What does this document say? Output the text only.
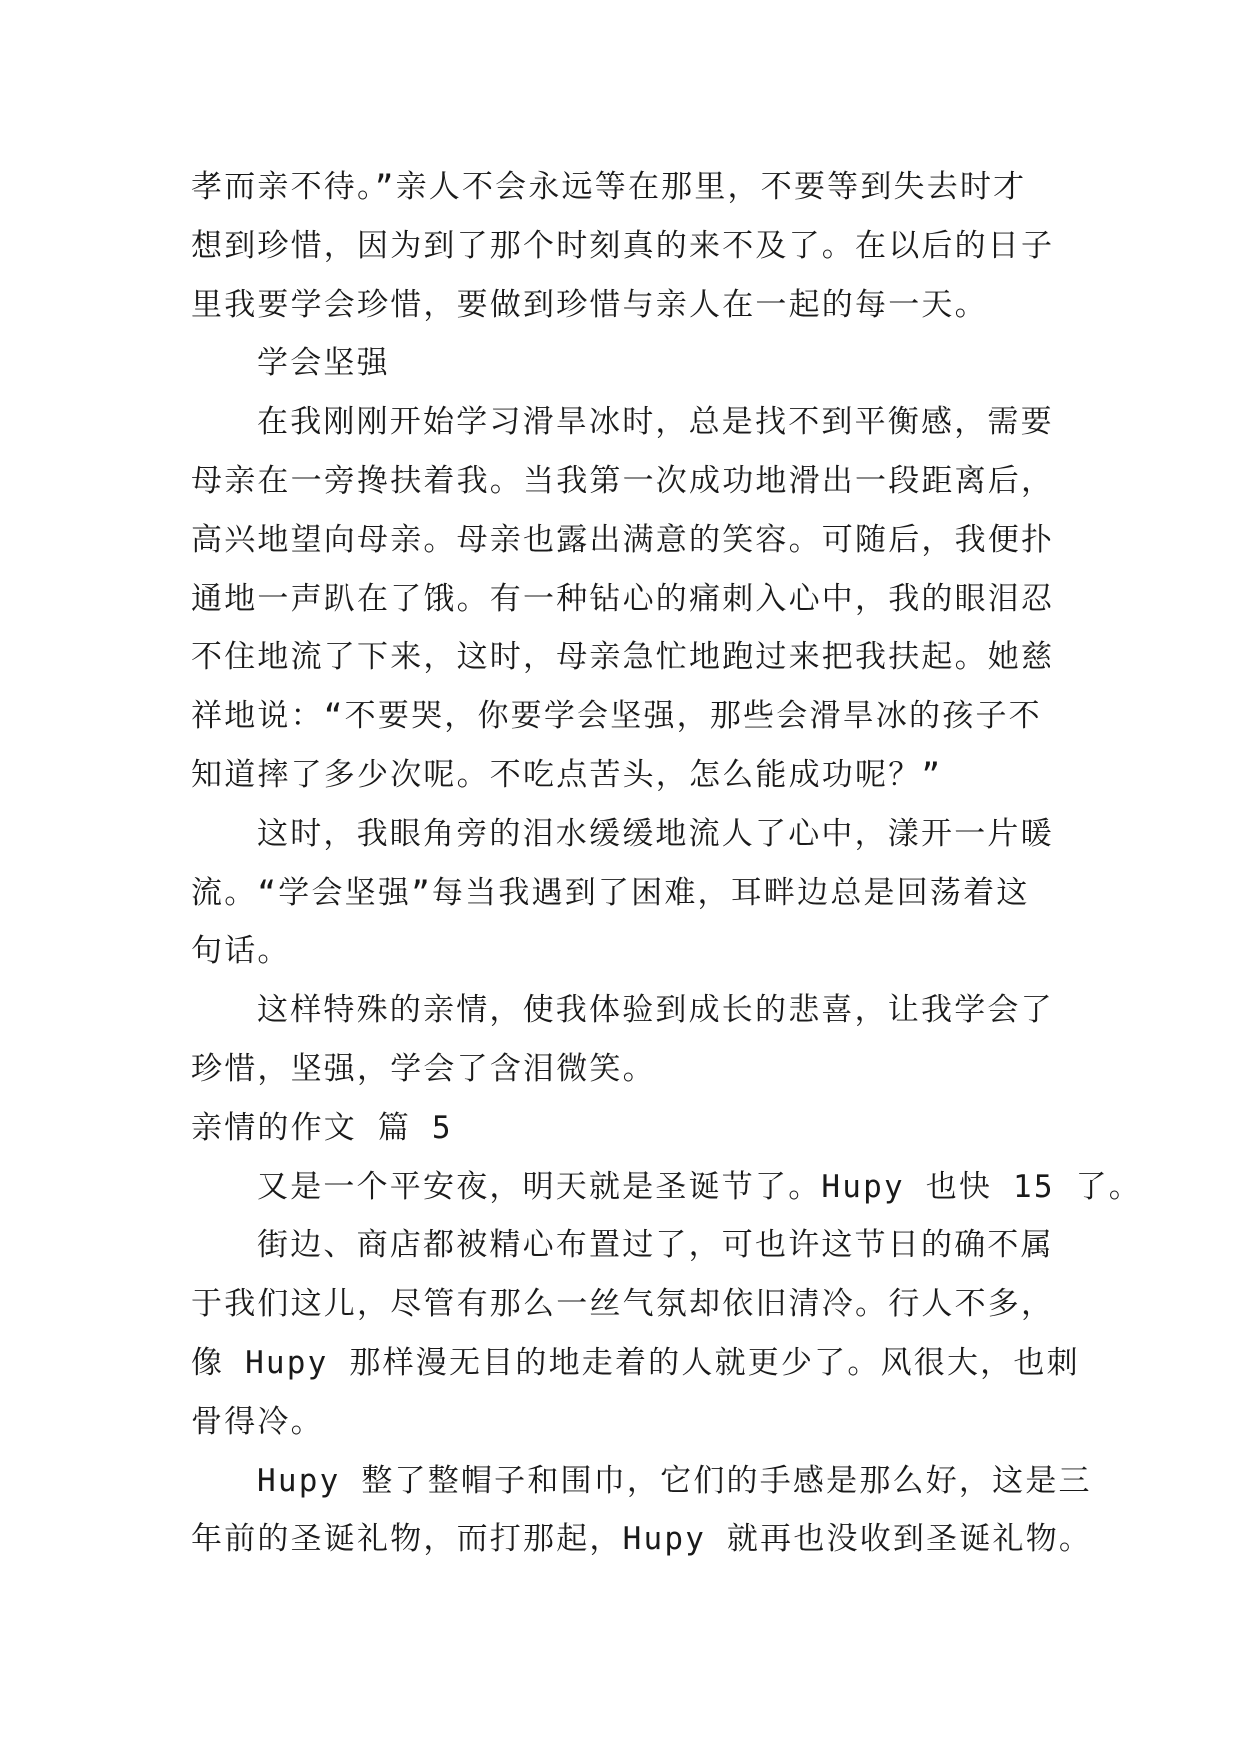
孝而亲不待。”亲人不会永远等在那里，不要等到失去时才
想到珍惜，因为到了那个时刻真的来不及了。在以后的日子
里我要学会珍惜，要做到珍惜与亲人在一起的每一天。
学会坚强
在我刚刚开始学习滑旱冰时，总是找不到平衡感，需要
母亲在一旁搀扶着我。当我第一次成功地滑出一段距离后，
高兴地望向母亲。母亲也露出满意的笑容。可随后，我便扑
通地一声趴在了饿。有一种钻心的痛刺入心中，我的眼泪忍
不住地流了下来，这时，母亲急忙地跑过来把我扶起。她慈
祥地说：“不要哭，你要学会坚强，那些会滑旱冰的孩子不
知道摔了多少次呢。不吃点苦头，怎么能成功呢？”
这时，我眼角旁的泪水缓缓地流人了心中，漾开一片暖
流。“学会坚强”每当我遇到了困难，耳畔边总是回荡着这
句话。
这样特殊的亲情，使我体验到成长的悲喜，让我学会了
珍惜，坚强，学会了含泪微笑。
亲情的作文 篇 5
又是一个平安夜，明天就是圣诞节了。Hupy 也快 15 了。
街边、商店都被精心布置过了，可也许这节日的确不属
于我们这儿，尽管有那么一丝气氛却依旧清冷。行人不多，
像 Hupy 那样漫无目的地走着的人就更少了。风很大，也刺
骨得冷。
Hupy 整了整帽子和围巾，它们的手感是那么好，这是三
年前的圣诞礼物，而打那起，Hupy 就再也没收到圣诞礼物。
